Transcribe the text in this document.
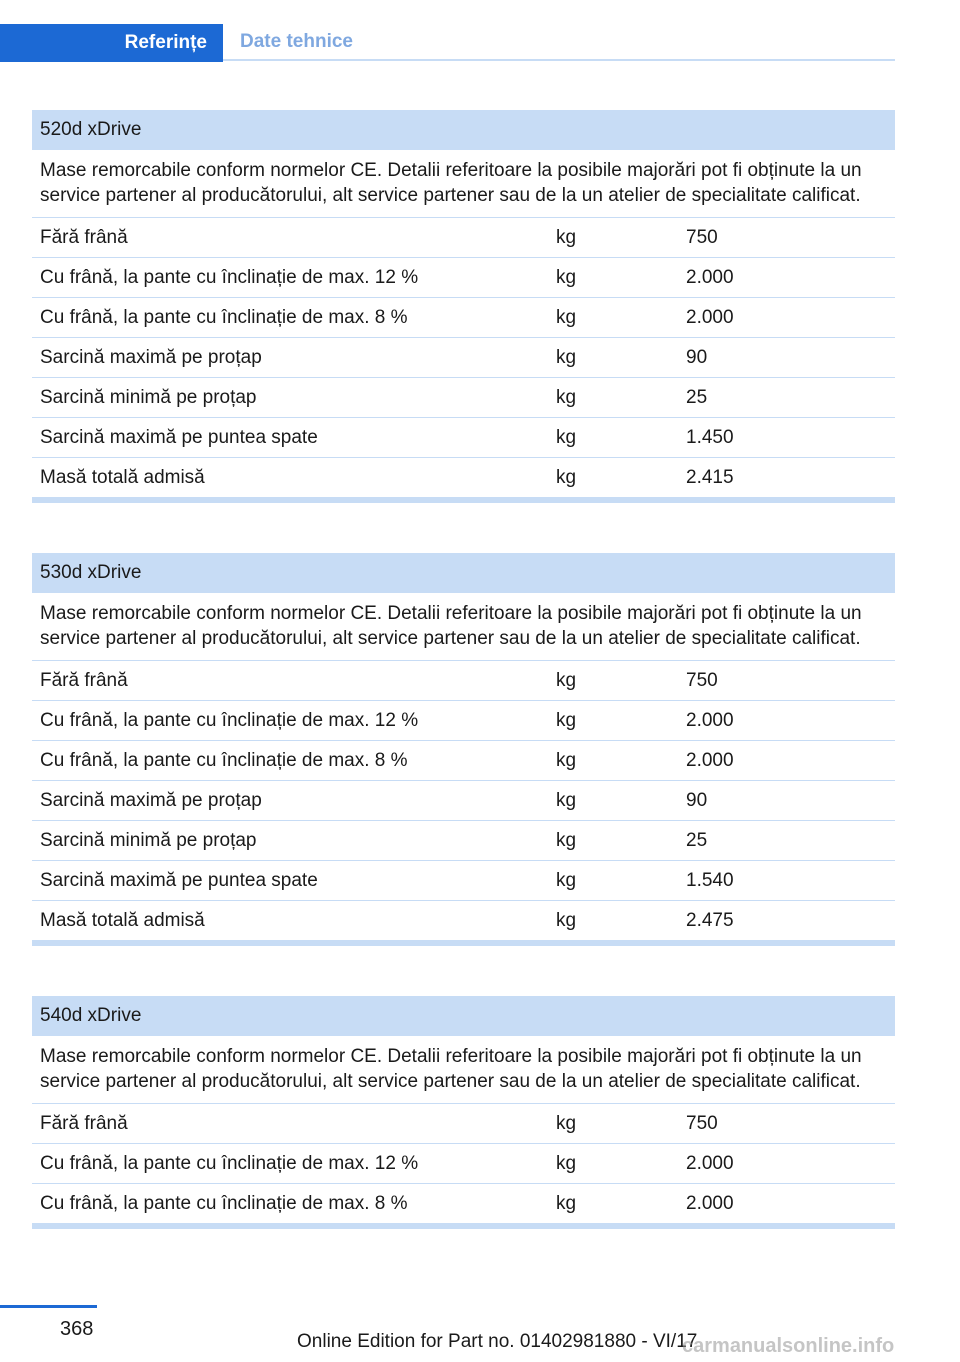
Referințe Date tehnice
520d xDrive
Mase remorcabile conform normelor CE. Detalii referitoare la posibile majorări pot fi obținute la un service partener al producătorului, alt service partener sau de la un atelier de specialitate calificat.
Fără frână	kg	750
Cu frână, la pante cu înclinație de max. 12 %	kg	2.000
Cu frână, la pante cu înclinație de max. 8 %	kg	2.000
Sarcină maximă pe proțap	kg	90
Sarcină minimă pe proțap	kg	25
Sarcină maximă pe puntea spate	kg	1.450
Masă totală admisă	kg	2.415
530d xDrive
Mase remorcabile conform normelor CE. Detalii referitoare la posibile majorări pot fi obținute la un service partener al producătorului, alt service partener sau de la un atelier de specialitate calificat.
Fără frână	kg	750
Cu frână, la pante cu înclinație de max. 12 %	kg	2.000
Cu frână, la pante cu înclinație de max. 8 %	kg	2.000
Sarcină maximă pe proțap	kg	90
Sarcină minimă pe proțap	kg	25
Sarcină maximă pe puntea spate	kg	1.540
Masă totală admisă	kg	2.475
540d xDrive
Mase remorcabile conform normelor CE. Detalii referitoare la posibile majorări pot fi obținute la un service partener al producătorului, alt service partener sau de la un atelier de specialitate calificat.
Fără frână	kg	750
Cu frână, la pante cu înclinație de max. 12 %	kg	2.000
Cu frână, la pante cu înclinație de max. 8 %	kg	2.000
368
Online Edition for Part no. 01402981880 - VI/17
carmanualsonline.info
